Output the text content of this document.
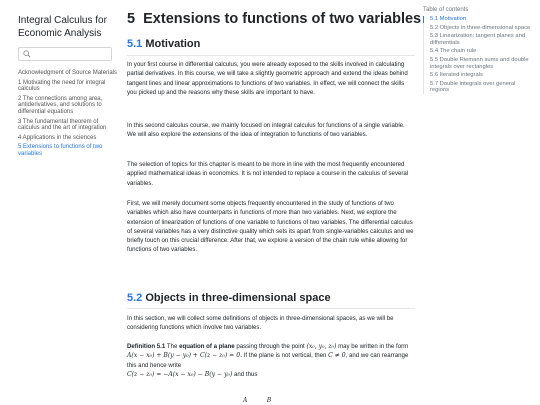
Integral Calculus for Economic Analysis
Acknowledgment of Source Materials
1 Motivating the need for integral calculus
2 The connections among area, antiderivatives, and solutions to differential equations
3 The fundamental theorem of calculus and the art of integration
4 Applications in the sciences
5 Extensions to functions of two variables
5 Extensions to functions of two variables
5.1 Motivation

In your first course in differential calculus, you were already exposed to the skills involved in calculating partial derivatives. In this course, we will take a slightly geometric approach and extend the ideas behind tangent lines and linear approximations to functions of two variables. In effect, we will connect the skills you picked up and the reasons why these skills are important to have.

In this second calculus course, we mainly focused on integral calculus for functions of a single variable. We will also explore the extensions of the idea of integration to functions of two variables.

The selection of topics for this chapter is meant to be more in line with the most frequently encountered applied mathematical ideas in economics. It is not intended to replace a course in the calculus of several variables.

First, we will merely document some objects frequently encountered in the study of functions of two variables which also have counterparts in functions of more than two variables. Next, we explore the extension of linearization of functions of one variable to functions of two variables. The differential calculus of several variables has a very distinctive quality which sets its apart from single-variables calculus and we briefly touch on this crucial difference. After that, we explore a version of the chain rule while allowing for functions of two variables.

5.2 Objects in three-dimensional space

In this section, we will collect some definitions of objects in three-dimensional spaces, as we will be considering functions which involve two variables.

Definition 5.1 The equation of a plane passing through the point (x₀, y₀, z₀) may be written in the form A(x − x₀) + B(y − y₀) + C(z − z₀) = 0. If the plane is not vertical, then C ≠ 0, and we can rearrange this and hence write
C(z − z₀) = −A(x − x₀) − B(y − y₀) and thus

A          B
Table of contents
5.1 Motivation
5.2 Objects in three-dimensional space
5.3 Linearization: tangent planes and differentials
5.4 The chain rule
5.5 Double Riemann sums and double integrals over rectangles
5.6 Iterated integrals
5.7 Double integrals over general regions
